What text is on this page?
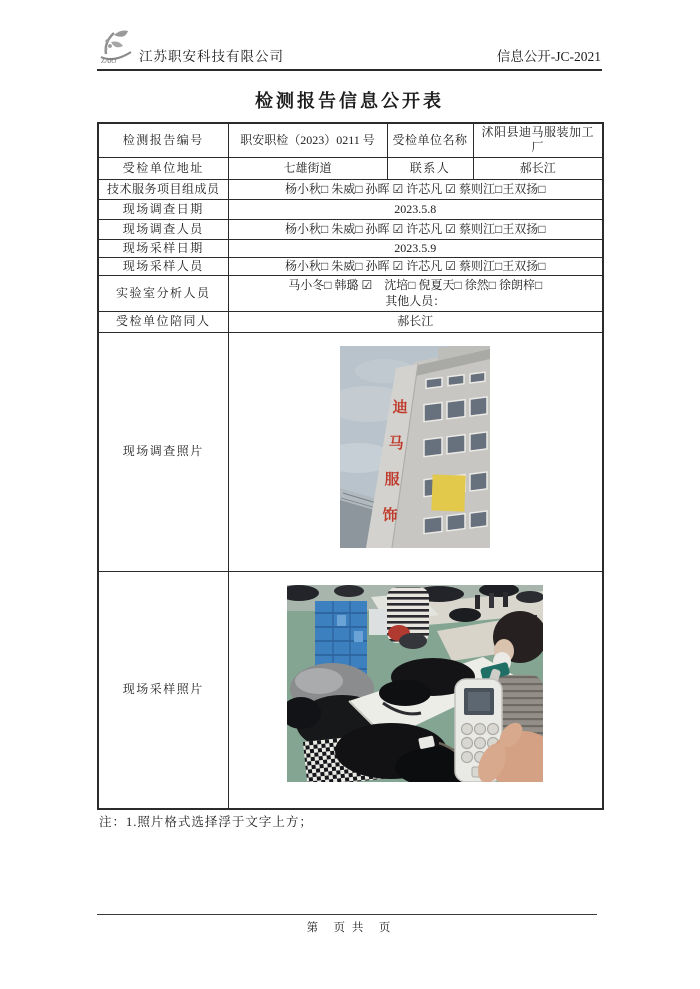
ZARJ 江苏职安科技有限公司	信息公开-JC-2021
检测报告信息公开表
检测报告编号	职安职检（2023）0211 号	受检单位名称	沭阳县迪马服装加工厂
受检单位地址	七雄街道	联系人	郝长江
技术服务项目组成员	杨小秋□ 朱威□ 孙晖 ☑ 许芯凡 ☑ 蔡则江□王双扬□		
现场调查日期	2023.5.8		
现场调查人员	杨小秋□ 朱威□ 孙晖 ☑ 许芯凡 ☑ 蔡则江□王双扬□		
现场采样日期	2023.5.9		
现场采样人员	杨小秋□ 朱威□ 孙晖 ☑ 许芯凡 ☑ 蔡则江□王双扬□		
实验室分析人员	马小冬□ 韩璐 ☑　沈培□ 倪夏天□ 徐然□ 徐朗梓□
其他人员：		

受检单位陪同人	郝长江		
现场调查照片	迪 马 服 饰		

现场采样照片	
注：1.照片格式选择浮于文字上方；
第　页 共　页
